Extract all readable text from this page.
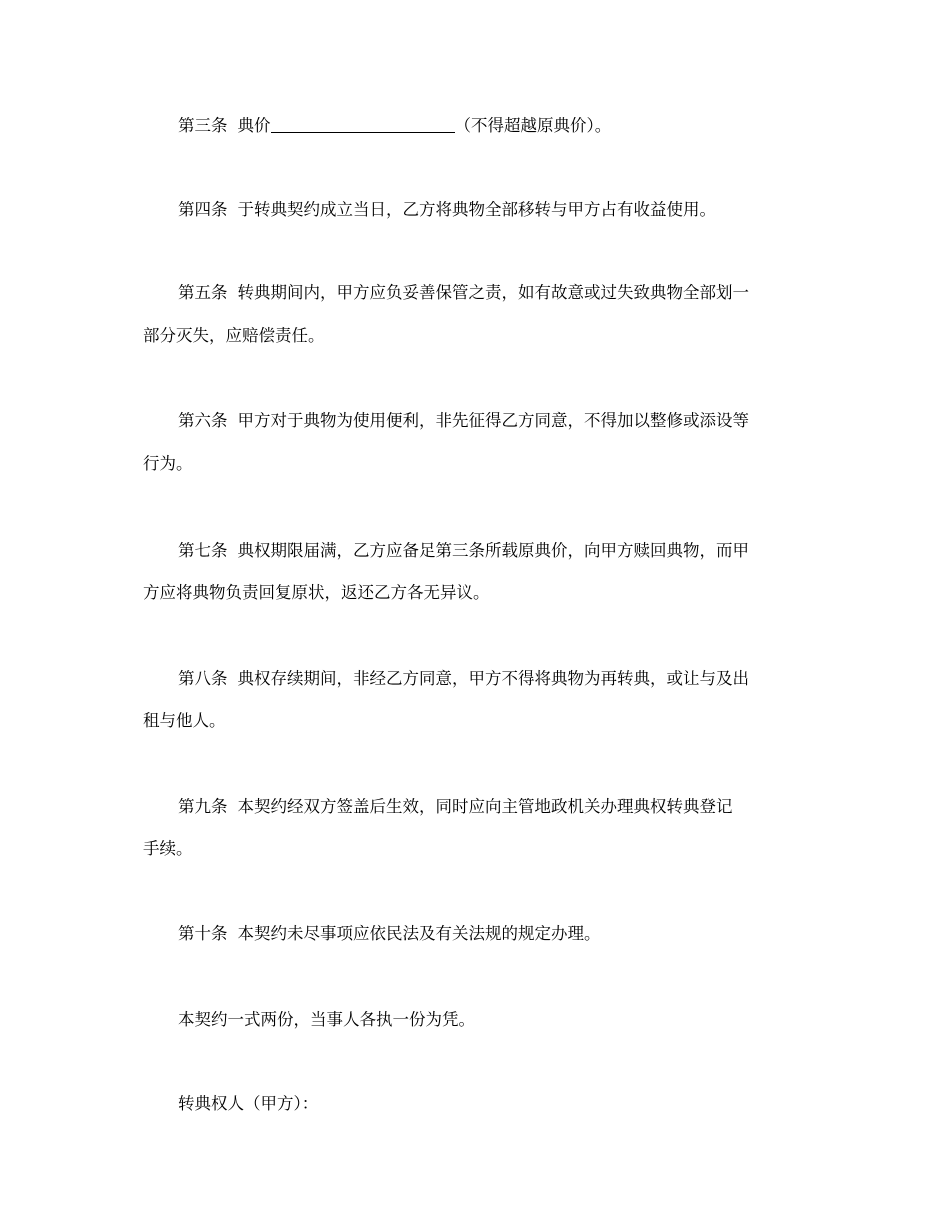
第三条 典价	（不得超越原典价）。
第四条 于转典契约成立当日，乙方将典物全部移转与甲方占有收益使用。
第五条 转典期间内，甲方应负妥善保管之责，如有故意或过失致典物全部划一
部分灭失，应赔偿责任。
第六条 甲方对于典物为使用便利，非先征得乙方同意，不得加以整修或添设等
行为。
第七条 典权期限届满，乙方应备足第三条所载原典价，向甲方赎回典物，而甲
方应将典物负责回复原状，返还乙方各无异议。
第八条 典权存续期间，非经乙方同意，甲方不得将典物为再转典，或让与及出
租与他人。
第九条 本契约经双方签盖后生效，同时应向主管地政机关办理典权转典登记
手续。
第十条 本契约未尽事项应依民法及有关法规的规定办理。
本契约一式两份，当事人各执一份为凭。
转典权人（甲方）：
